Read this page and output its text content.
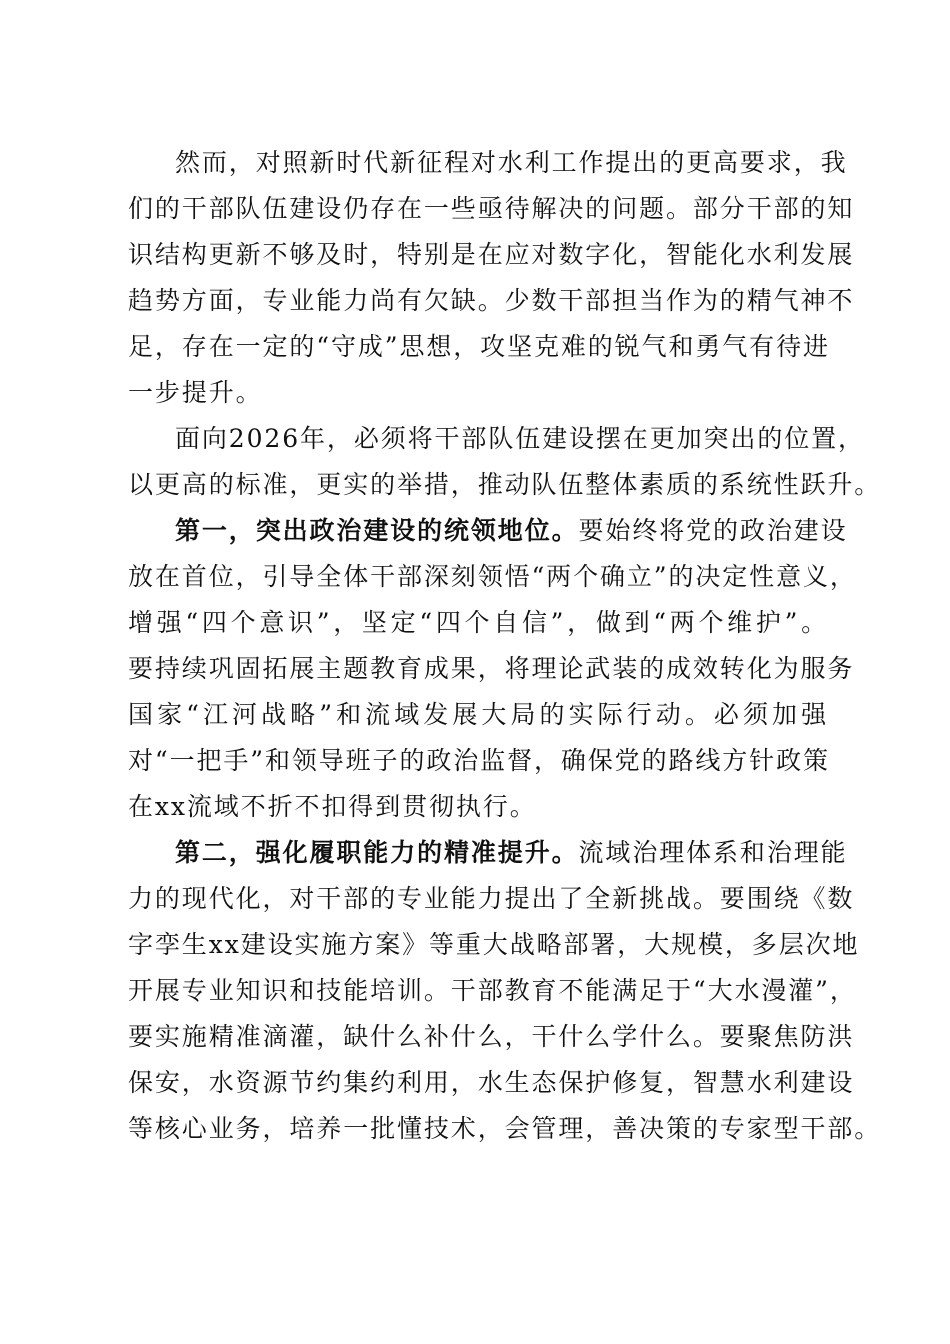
然而，对照新时代新征程对水利工作提出的更高要求，我
们的干部队伍建设仍存在一些亟待解决的问题。部分干部的知
识结构更新不够及时，特别是在应对数字化，智能化水利发展
趋势方面，专业能力尚有欠缺。少数干部担当作为的精气神不
足，存在一定的“守成”思想，攻坚克难的锐气和勇气有待进
一步提升。
面向2026年，必须将干部队伍建设摆在更加突出的位置，
以更高的标准，更实的举措，推动队伍整体素质的系统性跃升。
第一，突出政治建设的统领地位。要始终将党的政治建设
放在首位，引导全体干部深刻领悟“两个确立”的决定性意义，
增强“四个意识”，坚定“四个自信”，做到“两个维护”。
要持续巩固拓展主题教育成果，将理论武装的成效转化为服务
国家“江河战略”和流域发展大局的实际行动。必须加强
对“一把手”和领导班子的政治监督，确保党的路线方针政策
在xx流域不折不扣得到贯彻执行。
第二，强化履职能力的精准提升。流域治理体系和治理能
力的现代化，对干部的专业能力提出了全新挑战。要围绕《数
字孪生xx建设实施方案》等重大战略部署，大规模，多层次地
开展专业知识和技能培训。干部教育不能满足于“大水漫灌”，
要实施精准滴灌，缺什么补什么，干什么学什么。要聚焦防洪
保安，水资源节约集约利用，水生态保护修复，智慧水利建设
等核心业务，培养一批懂技术，会管理，善决策的专家型干部。
